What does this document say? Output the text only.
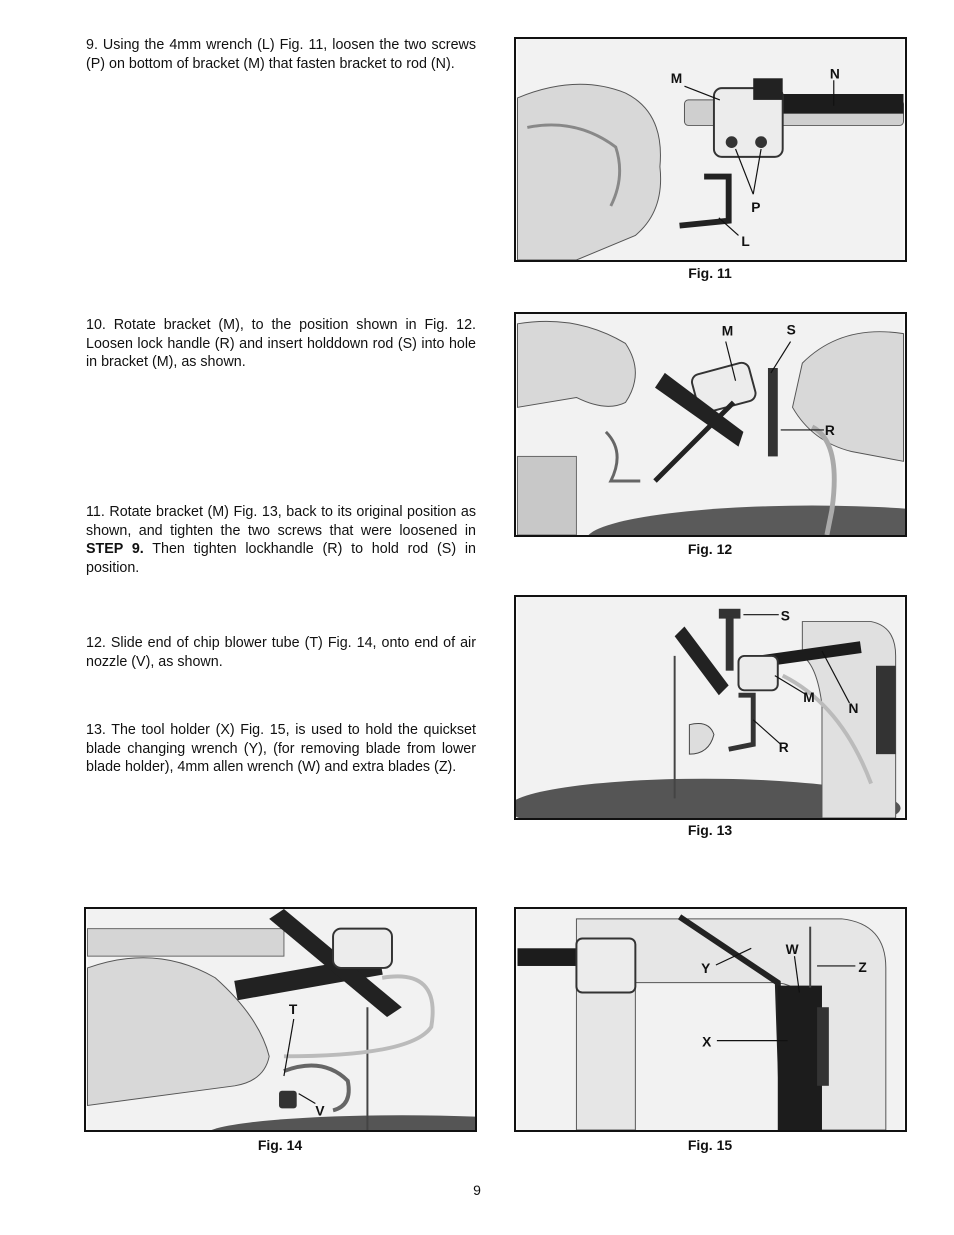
9. Using the 4mm wrench (L) Fig. 11, loosen the two screws (P) on bottom of bracket (M) that fasten bracket to rod (N).

10. Rotate bracket (M), to the position shown in Fig. 12. Loosen lock handle (R) and insert holddown rod (S) into hole in bracket (M), as shown.

11. Rotate bracket (M) Fig. 13, back to its original position as shown, and tighten the two screws that were loosened in STEP 9. Then tighten lockhandle (R) to hold rod (S) in position.

12. Slide end of chip blower tube (T) Fig. 14, onto end of air nozzle (V), as shown.

13. The tool holder (X) Fig. 15, is used to hold the quickset blade changing wrench (Y), (for removing blade from lower blade holder), 4mm allen wrench (W) and extra blades (Z).

M	N
P
L
Fig. 11
M	S
R
Fig. 12
S
M
N
R
Fig. 13
T
V
Fig. 14
W
Y	Z
X
Fig. 15
9
